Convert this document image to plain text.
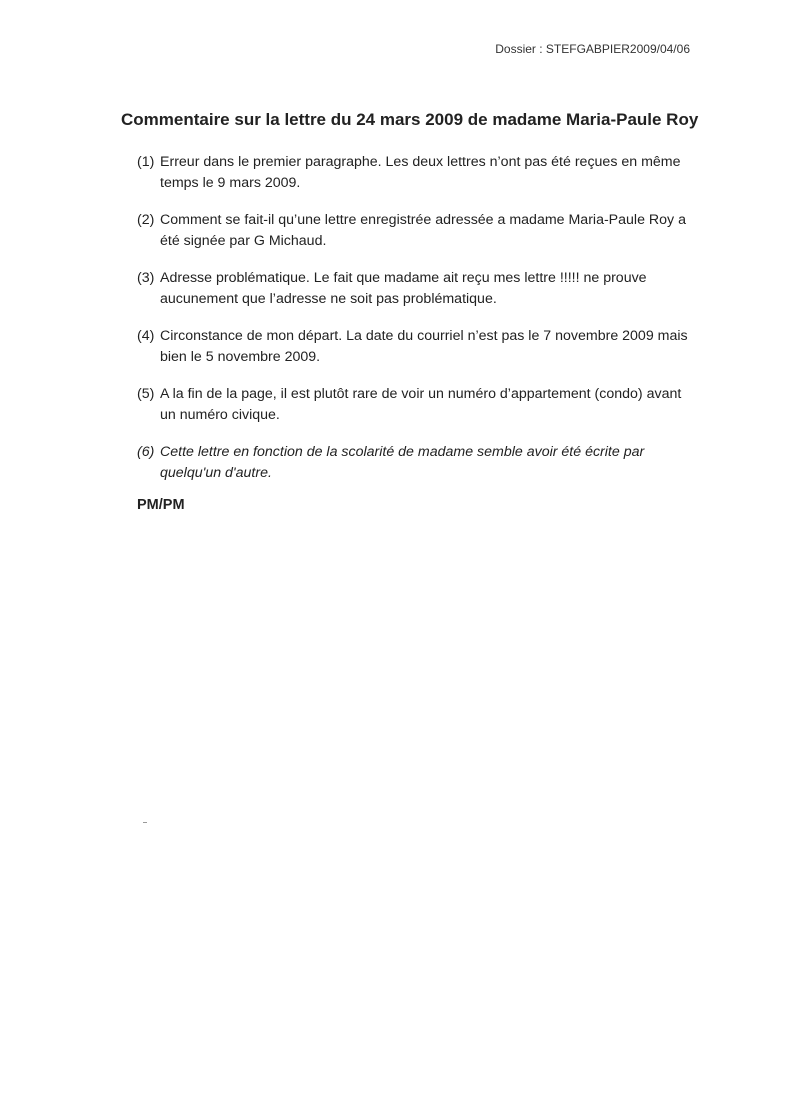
Dossier : STEFGABPIER2009/04/06
Commentaire sur la lettre du 24 mars 2009 de madame Maria-Paule Roy
(1) Erreur dans le premier paragraphe. Les deux lettres n’ont pas été reçues en même temps le 9 mars 2009.
(2) Comment se fait-il qu’une lettre enregistrée adressée a madame Maria-Paule Roy a été signée par G Michaud.
(3) Adresse problématique. Le fait que madame ait reçu mes lettre !!!!! ne prouve aucunement que l’adresse ne soit pas problématique.
(4) Circonstance de mon départ. La date du courriel n’est pas le 7 novembre 2009 mais bien le 5 novembre 2009.
(5) A la fin de la page, il est plutôt rare de voir un numéro d’appartement (condo) avant un numéro civique.
(6) Cette lettre en fonction de la scolarité de madame semble avoir été écrite par quelqu'un d'autre.
PM/PM
